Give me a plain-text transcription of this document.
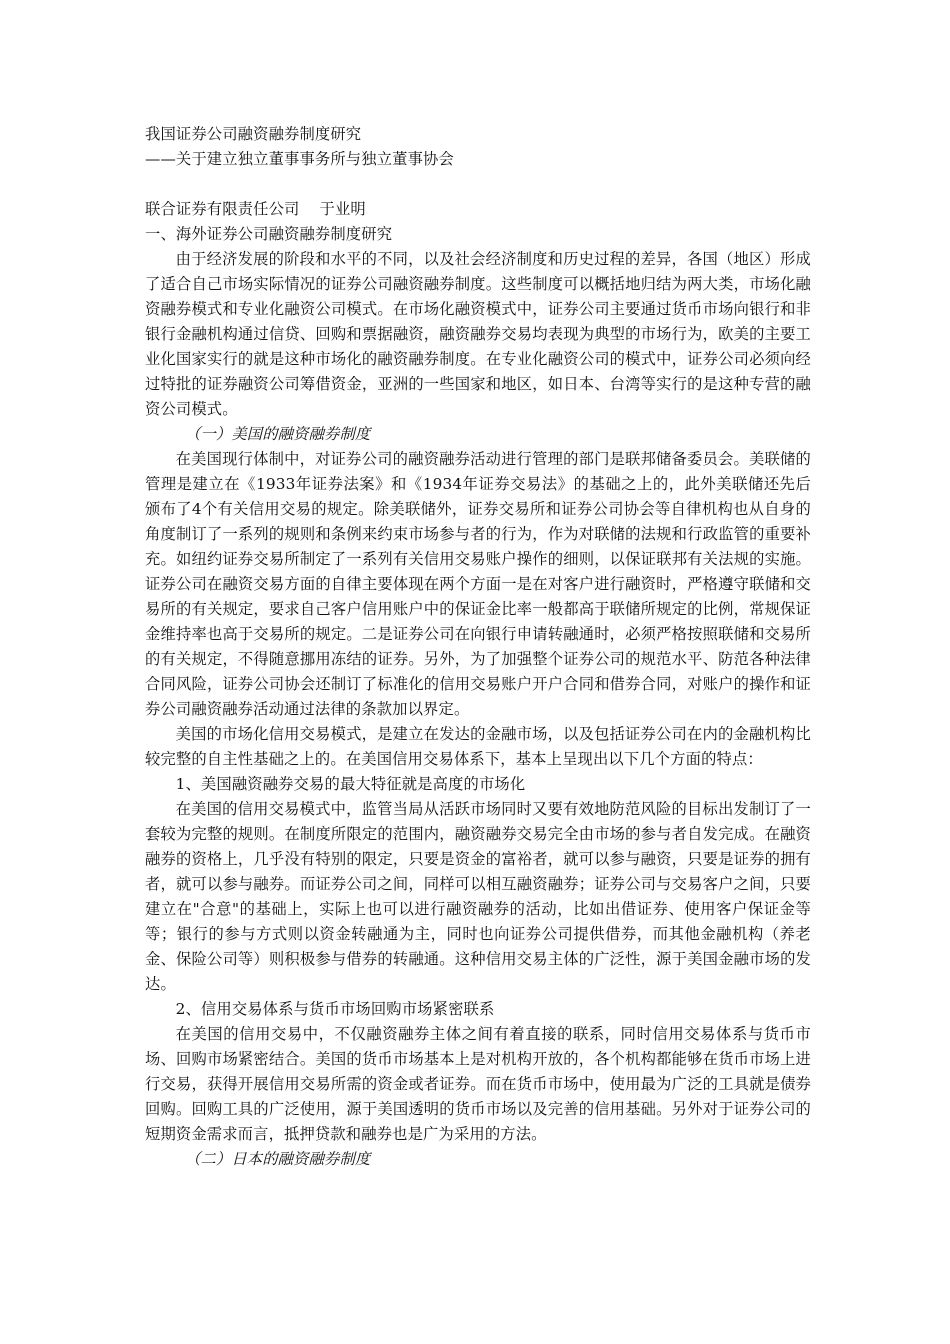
我国证券公司融资融券制度研究

——关于建立独立董事事务所与独立董事协会

联合证券有限责任公司    于业明

一、海外证券公司融资融券制度研究

由于经济发展的阶段和水平的不同，以及社会经济制度和历史过程的差异，各国（地区）形成了适合自己市场实际情况的证券公司融资融券制度。这些制度可以概括地归结为两大类，市场化融资融券模式和专业化融资公司模式。在市场化融资模式中，证券公司主要通过货币市场向银行和非银行金融机构通过信贷、回购和票据融资，融资融券交易均表现为典型的市场行为，欧美的主要工业化国家实行的就是这种市场化的融资融券制度。在专业化融资公司的模式中，证券公司必须向经过特批的证券融资公司筹借资金，亚洲的一些国家和地区，如日本、台湾等实行的是这种专营的融资公司模式。

（一）美国的融资融券制度

在美国现行体制中，对证券公司的融资融券活动进行管理的部门是联邦储备委员会。美联储的管理是建立在《1933年证券法案》和《1934年证券交易法》的基础之上的，此外美联储还先后颁布了4个有关信用交易的规定。除美联储外，证券交易所和证券公司协会等自律机构也从自身的角度制订了一系列的规则和条例来约束市场参与者的行为，作为对联储的法规和行政监管的重要补充。如纽约证券交易所制定了一系列有关信用交易账户操作的细则，以保证联邦有关法规的实施。证券公司在融资交易方面的自律主要体现在两个方面一是在对客户进行融资时，严格遵守联储和交易所的有关规定，要求自己客户信用账户中的保证金比率一般都高于联储所规定的比例，常规保证金维持率也高于交易所的规定。二是证券公司在向银行申请转融通时，必须严格按照联储和交易所的有关规定，不得随意挪用冻结的证券。另外，为了加强整个证券公司的规范水平、防范各种法律合同风险，证券公司协会还制订了标准化的信用交易账户开户合同和借券合同，对账户的操作和证券公司融资融券活动通过法律的条款加以界定。

美国的市场化信用交易模式，是建立在发达的金融市场，以及包括证券公司在内的金融机构比较完整的自主性基础之上的。在美国信用交易体系下，基本上呈现出以下几个方面的特点：

1、美国融资融券交易的最大特征就是高度的市场化

在美国的信用交易模式中，监管当局从活跃市场同时又要有效地防范风险的目标出发制订了一套较为完整的规则。在制度所限定的范围内，融资融券交易完全由市场的参与者自发完成。在融资融券的资格上，几乎没有特别的限定，只要是资金的富裕者，就可以参与融资，只要是证券的拥有者，就可以参与融券。而证券公司之间，同样可以相互融资融券；证券公司与交易客户之间，只要建立在"合意"的基础上，实际上也可以进行融资融券的活动，比如出借证券、使用客户保证金等等；银行的参与方式则以资金转融通为主，同时也向证券公司提供借券，而其他金融机构（养老金、保险公司等）则积极参与借券的转融通。这种信用交易主体的广泛性，源于美国金融市场的发达。

2、信用交易体系与货币市场回购市场紧密联系

在美国的信用交易中，不仅融资融券主体之间有着直接的联系，同时信用交易体系与货币市场、回购市场紧密结合。美国的货币市场基本上是对机构开放的，各个机构都能够在货币市场上进行交易，获得开展信用交易所需的资金或者证券。而在货币市场中，使用最为广泛的工具就是债券回购。回购工具的广泛使用，源于美国透明的货币市场以及完善的信用基础。另外对于证券公司的短期资金需求而言，抵押贷款和融券也是广为采用的方法。

（二）日本的融资融券制度
